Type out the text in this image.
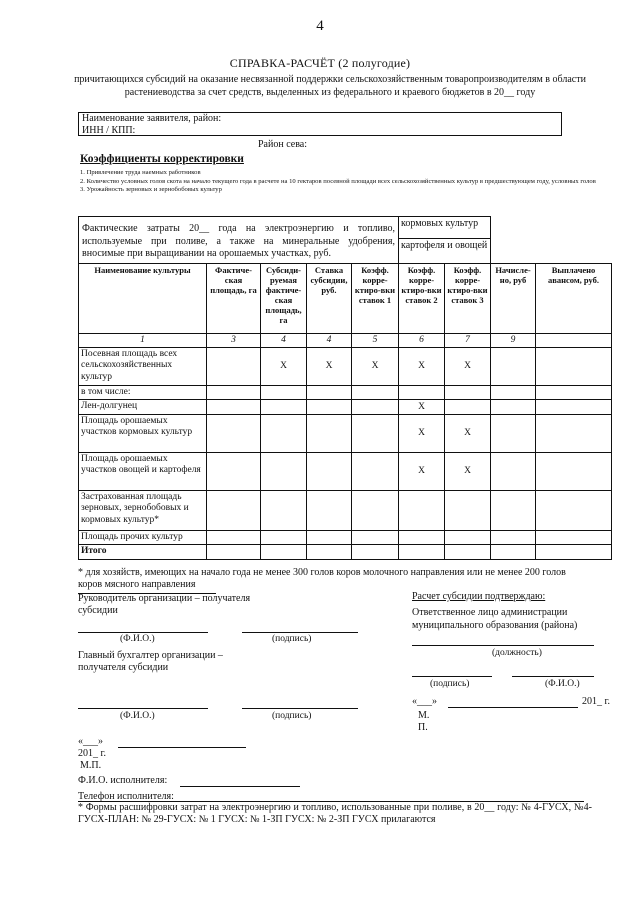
4
СПРАВКА-РАСЧЁТ (2 полугодие)
причитающихся субсидий на оказание несвязанной поддержки сельскохозяйственным товаропроизводителям в области растениеводства за счет средств, выделенных из федерального и краевого бюджетов в 20__ году
Наименование заявителя, район:
ИНН / КПП:
Район сева:
Коэффициенты корректировки
1. Привлечение труда наемных работников
2. Количество условных голов скота на начало текущего года в расчете на 10 гектаров посевной площади всех сельскохозяйственных культур в предшествующем году, условных голов
3. Урожайность зерновых и зернобобовых культур
Фактические затраты 20__ года на электроэнергию и топливо, используемые при поливе, а также на минеральные удобрения, вносимые при выращивании на орошаемых участках, руб.					кормовых культур			
					картофеля и овощей			
Наименование культуры	Фактиче-ская площадь, га	Субсиди-руемая фактиче-ская площадь, га	Ставка субсидии, руб.	Коэфф. корре-ктиро-вки ставок 1	Коэфф. корре-ктиро-вки ставок 2	Коэфф. корре-ктиро-вки ставок 3	Начисле-но, руб	Выплачено авансом, руб.
1	3	4	4	5	6	7	9	
Посевная площадь всех сельскохозяйственных культур		X	X	X	X	X		
в том числе:								
Лен-долгунец					X			
Площадь орошаемых участков кормовых культур					X	X		
Площадь орошаемых участков овощей и картофеля					X	X		
Застрахованная площадь зерновых, зернобобовых и кормовых культур*								
Площадь прочих культур								
Итого								
* для хозяйств, имеющих на начало года не менее 300 голов коров молочного направления или не менее 200 голов коров мясного направления
Руководитель организации – получателя субсидии
(Ф.И.О.)	(подпись)
Главный бухгалтер организации – получателя субсидии
(Ф.И.О.)	(подпись)
«___»
201_ г.
М.П.
Ф.И.О. исполнителя:
Телефон исполнителя:
Расчет субсидии подтверждаю:
Ответственное лицо администрации муниципального образования (района)
(должность)
(подпись)	(Ф.И.О.)
«___»	201_ г.
М.
П.
* Формы расшифровки затрат на электроэнергию и топливо, использованные при поливе, в 20__ году: № 4-ГУСХ, №4-ГУСХ-ПЛАН: № 29-ГУСХ: № 1 ГУСХ: № 1-ЗП ГУСХ: № 2-ЗП ГУСХ прилагаются
